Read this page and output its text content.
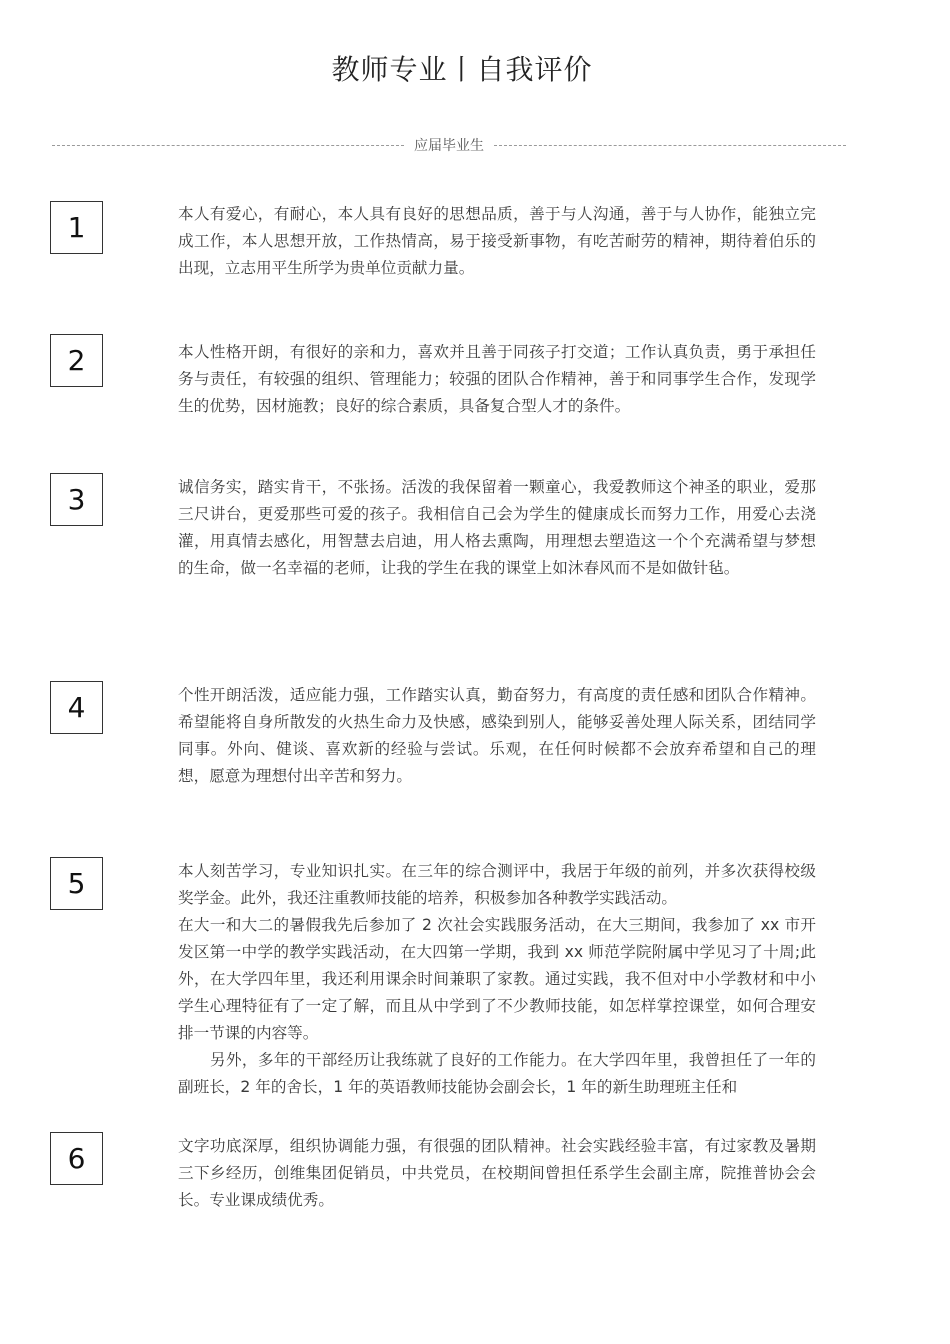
教师专业丨自我评价
应届毕业生
1	本人有爱心，有耐心，本人具有良好的思想品质，善于与人沟通，善于与人协作，能独立完成工作，本人思想开放，工作热情高，易于接受新事物，有吃苦耐劳的精神，期待着伯乐的出现，立志用平生所学为贵单位贡献力量。

2	本人性格开朗，有很好的亲和力，喜欢并且善于同孩子打交道；工作认真负责，勇于承担任务与责任，有较强的组织、管理能力；较强的团队合作精神，善于和同事学生合作，发现学生的优势，因材施教；良好的综合素质，具备复合型人才的条件。

3	诚信务实，踏实肯干，不张扬。活泼的我保留着一颗童心，我爱教师这个神圣的职业，爱那三尺讲台，更爱那些可爱的孩子。我相信自己会为学生的健康成长而努力工作，用爱心去浇灌，用真情去感化，用智慧去启迪，用人格去熏陶，用理想去塑造这一个个充满希望与梦想的生命，做一名幸福的老师，让我的学生在我的课堂上如沐春风而不是如做针毡。

4	个性开朗活泼，适应能力强，工作踏实认真，勤奋努力，有高度的责任感和团队合作精神。希望能将自身所散发的火热生命力及快感，感染到别人，能够妥善处理人际关系，团结同学同事。外向、健谈、喜欢新的经验与尝试。乐观，在任何时候都不会放弃希望和自己的理想，愿意为理想付出辛苦和努力。

5	本人刻苦学习，专业知识扎实。在三年的综合测评中，我居于年级的前列，并多次获得校级奖学金。此外，我还注重教师技能的培养，积极参加各种教学实践活动。

在大一和大二的暑假我先后参加了 2 次社会实践服务活动，在大三期间，我参加了 xx 市开发区第一中学的教学实践活动，在大四第一学期，我到 xx 师范学院附属中学见习了十周;此外，在大学四年里，我还利用课余时间兼职了家教。通过实践，我不但对中小学教材和中小学生心理特征有了一定了解，而且从中学到了不少教师技能，如怎样掌控课堂，如何合理安排一节课的内容等。

另外，多年的干部经历让我练就了良好的工作能力。在大学四年里，我曾担任了一年的副班长，2 年的舍长，1 年的英语教师技能协会副会长，1 年的新生助理班主任和

6	文字功底深厚，组织协调能力强，有很强的团队精神。社会实践经验丰富，有过家教及暑期三下乡经历，创维集团促销员，中共党员，在校期间曾担任系学生会副主席，院推普协会会长。专业课成绩优秀。
